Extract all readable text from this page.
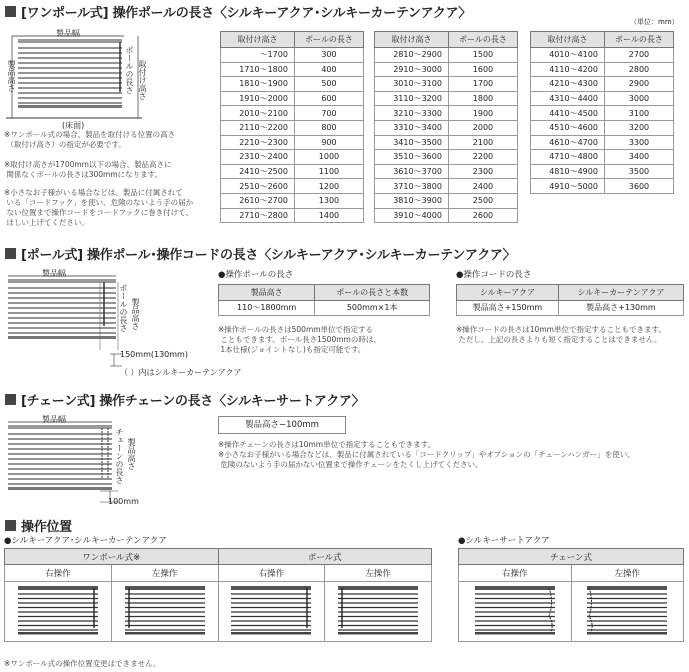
[ワンポール式] 操作ポールの長さ〈シルキーアクア･シルキーカーテンアクア〉
（単位：mm）
製品幅
ポールの長さ 取付け高さ
製品高さ
(床面)
※ワンポール式の場合、製品を取付ける位置の高さ
（取付け高さ）の指定が必要です。
※取付け高さが1700mm以下の場合、製品高さに
関係なくポールの長さは300mmになります。
※小さなお子様がいる場合などは、製品に付属されて
いる「コードフック」を使い、危険のないよう手の届か
ない位置まで操作コードをコードフックに巻き付けて、
ほしい上げてください。
取付け高さ	ポールの長さ
～1700	300
1710～1800	400
1810～1900	500
1910～2000	600
2010～2100	700
2110～2200	800
2210～2300	900
2310～2400	1000
2410～2500	1100
2510～2600	1200
2610～2700	1300
2710～2800	1400
取付け高さ	ポールの長さ
2810～2900	1500
2910～3000	1600
3010～3100	1700
3110～3200	1800
3210～3300	1900
3310～3400	2000
3410～3500	2100
3510～3600	2200
3610～3700	2300
3710～3800	2400
3810～3900	2500
3910～4000	2600
取付け高さ	ポールの長さ
4010～4100	2700
4110～4200	2800
4210～4300	2900
4310～4400	3000
4410～4500	3100
4510～4600	3200
4610～4700	3300
4710～4800	3400
4810～4900	3500
4910～5000	3600
[ポール式] 操作ポール･操作コードの長さ〈シルキーアクア･シルキーカーテンアクア〉
製品幅
ポールの長さ 製品高さ
150mm(130mm)
（ ）内はシルキーカーテンアクア
●操作ポールの長さ
製品高さ	ポールの長さと本数
110～1800mm	500mm×1本
※操作ポールの長さは500mm単位で指定する
こともできます。ポール長さ1500mmの時は、
1本仕様(ジョイントなし)も指定可能です。
●操作コードの長さ
シルキーアクア	シルキーカーテンアクア
製品高さ+150mm	製品高さ+130mm
※操作コードの長さは10mm単位で指定することもできます。
ただし、上記の長さよりも短く指定することはできません。
[チェーン式] 操作チェーンの長さ〈シルキーサートアクア〉
製品幅
チェーンの長さ 製品高さ
100mm
製品高さ−100mm
※操作チェーンの長さは10mm単位で指定することもできます。
※小さなお子様がいる場合などは、製品に付属されている「コードクリップ」やオプションの「チェーンハンガー」を使い、
危険のないよう手の届かない位置まで操作チェーンをたくし上げてください。
操作位置
●シルキーアクア･シルキーカーテンアクア	●シルキーサートアクア
ワンポール式※		ポール式	
右操作	左操作	右操作	左操作

チェーン式	
右操作	左操作

※ワンポール式の操作位置変更はできません。
